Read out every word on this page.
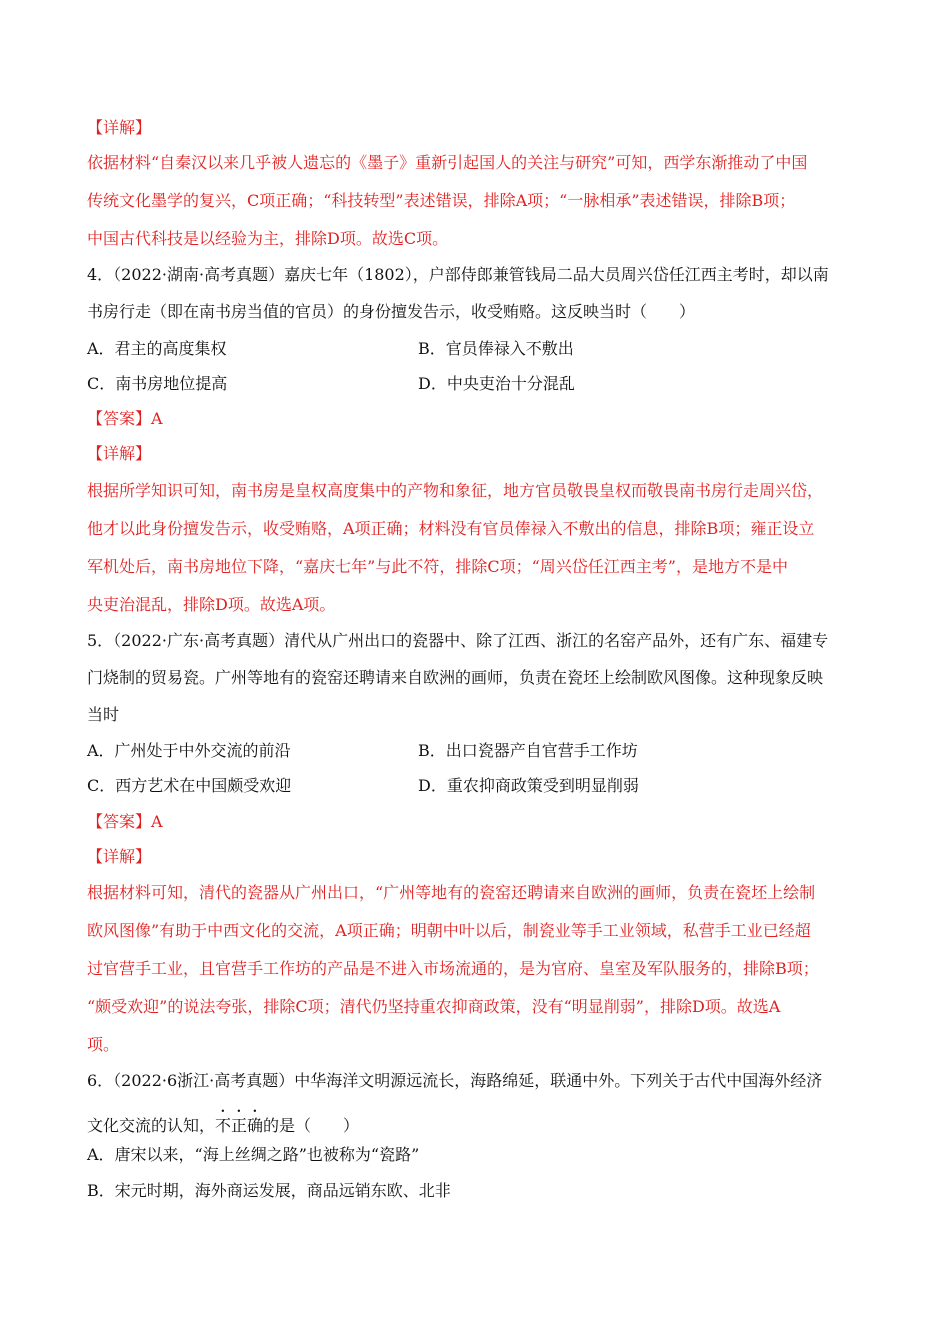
【详解】
依据材料“自秦汉以来几乎被人遗忘的《墨子》重新引起国人的关注与研究”可知，西学东渐推动了中国
传统文化墨学的复兴，C项正确；“科技转型”表述错误，排除A项；“一脉相承”表述错误，排除B项；
中国古代科技是以经验为主，排除D项。故选C项。
4．（2022·湖南·高考真题）嘉庆七年（1802），户部侍郎兼管钱局二品大员周兴岱任江西主考时，却以南
书房行走（即在南书房当值的官员）的身份擅发告示，收受贿赂。这反映当时（　　）
A．君主的高度集权	B．官员俸禄入不敷出
C．南书房地位提高	D．中央吏治十分混乱
【答案】A
【详解】
根据所学知识可知，南书房是皇权高度集中的产物和象征，地方官员敬畏皇权而敬畏南书房行走周兴岱，
他才以此身份擅发告示，收受贿赂，A项正确；材料没有官员俸禄入不敷出的信息，排除B项；雍正设立
军机处后，南书房地位下降，“嘉庆七年”与此不符，排除C项；“周兴岱任江西主考”，是地方不是中
央吏治混乱，排除D项。故选A项。
5．（2022·广东·高考真题）清代从广州出口的瓷器中、除了江西、浙江的名窑产品外，还有广东、福建专
门烧制的贸易瓷。广州等地有的瓷窑还聘请来自欧洲的画师，负责在瓷坯上绘制欧风图像。这种现象反映
当时
A．广州处于中外交流的前沿	B．出口瓷器产自官营手工作坊
C．西方艺术在中国颇受欢迎	D．重农抑商政策受到明显削弱
【答案】A
【详解】
根据材料可知，清代的瓷器从广州出口，“广州等地有的瓷窑还聘请来自欧洲的画师，负责在瓷坯上绘制
欧风图像”有助于中西文化的交流，A项正确；明朝中叶以后，制瓷业等手工业领域，私营手工业已经超
过官营手工业，且官营手工作坊的产品是不进入市场流通的，是为官府、皇室及军队服务的，排除B项；
“颇受欢迎”的说法夸张，排除C项；清代仍坚持重农抑商政策，没有“明显削弱”，排除D项。故选A
项。
6．（2022·6浙江·高考真题）中华海洋文明源远流长，海路绵延，联通中外。下列关于古代中国海外经济
文化交流的认知，不正确的是（　　）
A．唐宋以来，“海上丝绸之路”也被称为“瓷路”
B．宋元时期，海外商运发展，商品远销东欧、北非
